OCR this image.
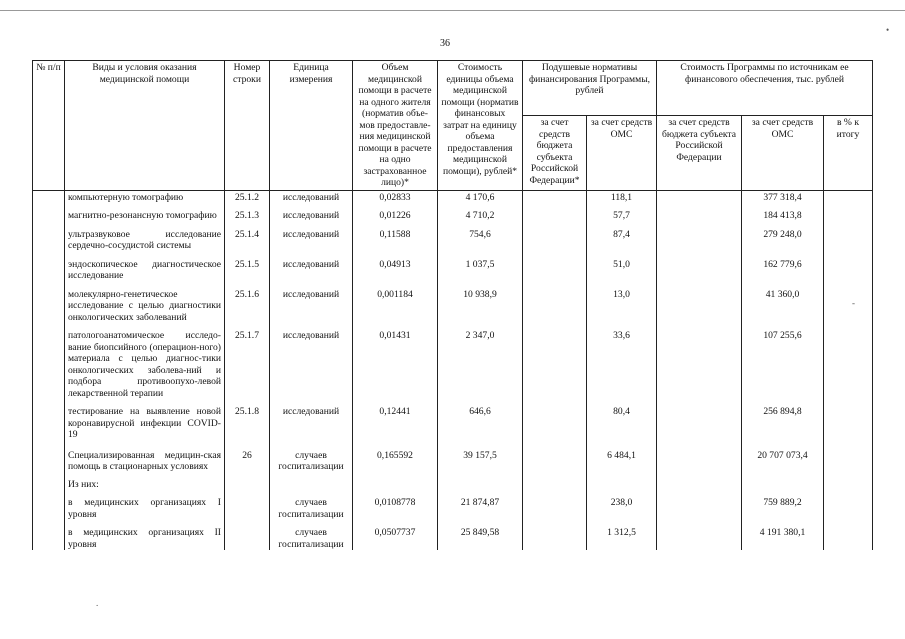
36
•
-
.
№ п/п	Виды и условия оказания медицинской помощи	Номер строки	Единица измерения	Объем медицинской помощи в расчете на одного жителя (норматив объе-мов предоставле-ния медицинской помощи в расчете на одно застрахованное лицо)*	Стоимость единицы объема медицинской помощи (норматив финансовых затрат на единицу объема предоставления медицинской помощи), рублей*	Подушевые нормативы финансирования Программы, рублей		Стоимость Программы по источникам ее финансового обеспечения, тыс. рублей		
						за счет средств бюджета субъекта Российской Федерации*	за счет средств ОМС	за счет средств бюджета субъекта Российской Федерации	за счет средств ОМС	в % к итогу
	компьютерную томографию	25.1.2	исследований	0,02833	4 170,6		118,1		377 318,4	
	магнитно-резонансную томографию	25.1.3	исследований	0,01226	4 710,2		57,7		184 413,8	
	ультразвуковое исследование сердечно-сосудистой системы	25.1.4	исследований	0,11588	754,6		87,4		279 248,0	
	эндоскопическое диагностическое исследование	25.1.5	исследований	0,04913	1 037,5		51,0		162 779,6	
	молекулярно-генетическое исследование с целью диагностики онкологических заболеваний	25.1.6	исследований	0,001184	10 938,9		13,0		41 360,0	
	патологоанатомическое исследо-вание биопсийного (операцион-ного) материала с целью диагнос-тики онкологических заболева-ний и подбора противоопухо-левой лекарственной терапии	25.1.7	исследований	0,01431	2 347,0		33,6		107 255,6	
	тестирование на выявление новой коронавирусной инфекции COVID-19	25.1.8	исследований	0,12441	646,6		80,4		256 894,8	
	Специализированная медицин-ская помощь в стационарных условиях	26	случаев госпитализации	0,165592	39 157,5		6 484,1		20 707 073,4	
	Из них:									
	в медицинских организациях I уровня		случаев госпитализации	0,0108778	21 874,87		238,0		759 889,2	
	в медицинских организациях II уровня		случаев госпитализации	0,0507737	25 849,58		1 312,5		4 191 380,1	
